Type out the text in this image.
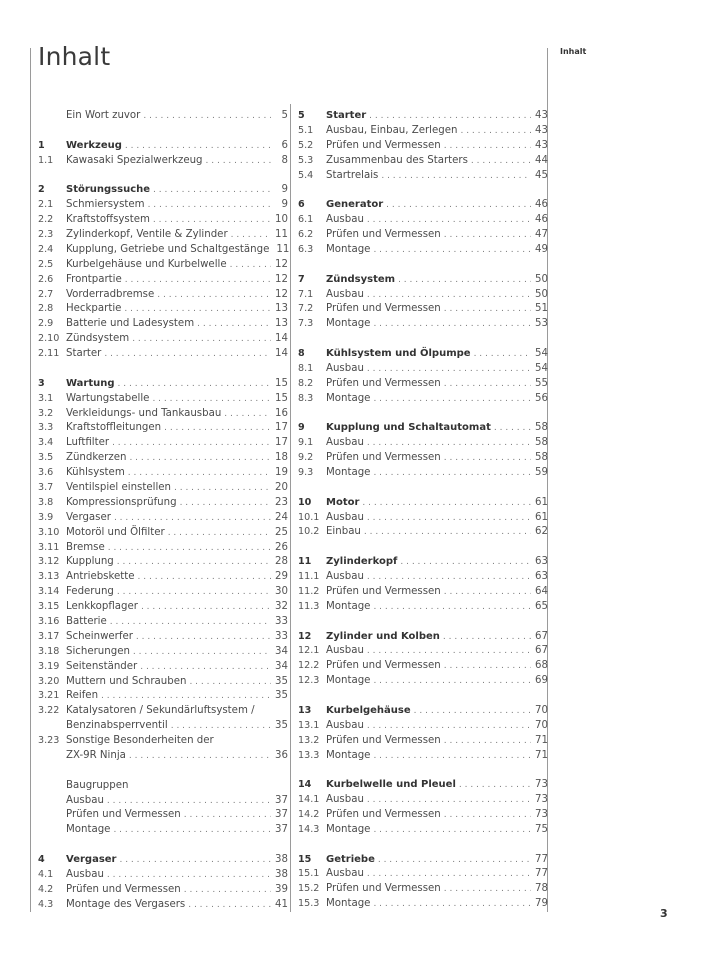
Inhalt	Inhalt
3
Ein Wort zuvor . . .	5
1	Werkzeug . . .	6
1.1	Kawasaki Spezialwerkzeug . . .	8
2	Störungssuche . . .	9
2.1	Schmiersystem . . .	9
2.2	Kraftstoffsystem . . .	10
2.3	Zylinderkopf, Ventile & Zylinder . . .	11
2.4	Kupplung, Getriebe und Schaltgestänge 11
2.5	Kurbelgehäuse und Kurbelwelle . . .	12
2.6	Frontpartie . . .	12
2.7	Vorderradbremse . . .	12
2.8	Heckpartie . . .	13
2.9	Batterie und Ladesystem . . .	13
2.10 Zündsystem . . .	14
2.11 Starter . . .	14
3	Wartung . . .	15
3.1	Wartungstabelle . . .	15
3.2	Verkleidungs- und Tankausbau . . .	16
3.3	Kraftstoffleitungen . . .	17
3.4	Luftfilter . . .	17
3.5	Zündkerzen . . .	18
3.6	Kühlsystem . . .	19
3.7	Ventilspiel einstellen . . .	20
3.8	Kompressionsprüfung . . .	23
3.9	Vergaser . . .	24
3.10 Motoröl und Ölfilter . . .	25
3.11 Bremse . . .	26
3.12 Kupplung . . .	28
3.13 Antriebskette . . .	29
3.14 Federung . . .	30
3.15 Lenkkopflager . . .	32
3.16 Batterie . . .	33
3.17 Scheinwerfer . . .	33
3.18 Sicherungen . . .	34
3.19 Seitenständer . . .	34
3.20 Muttern und Schrauben . . .	35
3.21 Reifen . . .	35
3.22 Katalysatoren / Sekundärluftsystem /
Benzinabsperrventil . . .	35
3.23 Sonstige Besonderheiten der
ZX-9R Ninja . . .	36
Baugruppen
Ausbau . . .	37
Prüfen und Vermessen . . .	37
Montage . . .	37
4	Vergaser . . .	38
4.1	Ausbau . . .	38
4.2	Prüfen und Vermessen . . .	39
4.3	Montage des Vergasers . . .	41
5	Starter . . .	43
5.1	Ausbau, Einbau, Zerlegen . . .	43
5.2	Prüfen und Vermessen . . .	43
5.3	Zusammenbau des Starters . . .	44
5.4	Startrelais . . .	45
6	Generator . . .	46
6.1	Ausbau . . .	46
6.2	Prüfen und Vermessen . . .	47
6.3	Montage . . .	49
7	Zündsystem . . .	50
7.1	Ausbau . . .	50
7.2	Prüfen und Vermessen . . .	51
7.3	Montage . . .	53
8	Kühlsystem und Ölpumpe . . .	54
8.1	Ausbau . . .	54
8.2	Prüfen und Vermessen . . .	55
8.3	Montage . . .	56
9	Kupplung und Schaltautomat . . .	58
9.1	Ausbau . . .	58
9.2	Prüfen und Vermessen . . .	58
9.3	Montage . . .	59
10	Motor . . .	61
10.1 Ausbau . . .	61
10.2 Einbau . . .	62
11	Zylinderkopf . . .	63
11.1 Ausbau . . .	63
11.2 Prüfen und Vermessen . . .	64
11.3 Montage . . .	65
12	Zylinder und Kolben . . .	67
12.1 Ausbau . . .	67
12.2 Prüfen und Vermessen . . .	68
12.3 Montage . . .	69
13	Kurbelgehäuse . . .	70
13.1 Ausbau . . .	70
13.2 Prüfen und Vermessen . . .	71
13.3 Montage . . .	71
14	Kurbelwelle und Pleuel . . .	73
14.1 Ausbau . . .	73
14.2 Prüfen und Vermessen . . .	73
14.3 Montage . . .	75
15	Getriebe . . .	77
15.1 Ausbau . . .	77
15.2 Prüfen und Vermessen . . .	78
15.3 Montage . . .	79
